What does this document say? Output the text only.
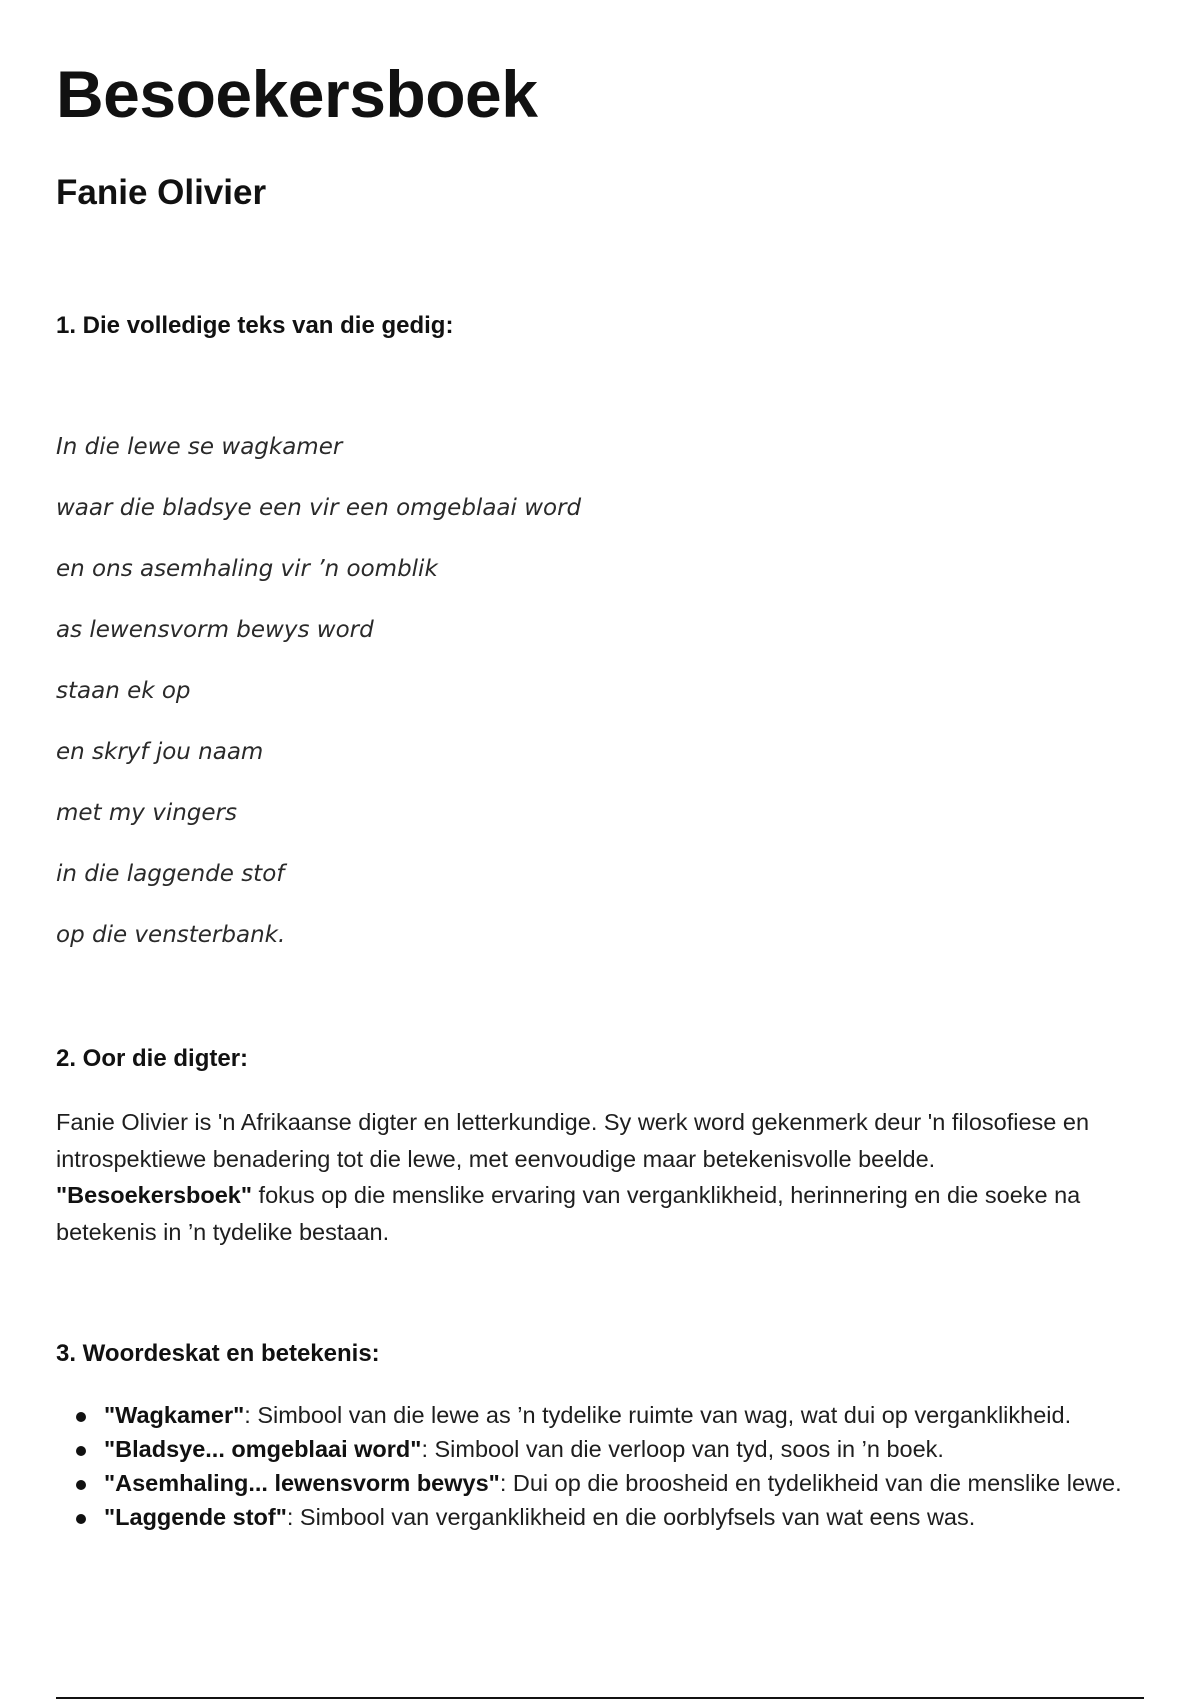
Besoekersboek
Fanie Olivier
1. Die volledige teks van die gedig:
In die lewe se wagkamer
waar die bladsye een vir een omgeblaai word
en ons asemhaling vir ’n oomblik
as lewensvorm bewys word
staan ek op
en skryf jou naam
met my vingers
in die laggende stof
op die vensterbank.
2. Oor die digter:

Fanie Olivier is 'n Afrikaanse digter en letterkundige. Sy werk word gekenmerk deur 'n filosofiese en introspektiewe benadering tot die lewe, met eenvoudige maar betekenisvolle beelde. "Besoekersboek" fokus op die menslike ervaring van verganklikheid, herinnering en die soeke na betekenis in ’n tydelike bestaan.

3. Woordeskat en betekenis:
"Wagkamer": Simbool van die lewe as ’n tydelike ruimte van wag, wat dui op verganklikheid.
"Bladsye... omgeblaai word": Simbool van die verloop van tyd, soos in ’n boek.
"Asemhaling... lewensvorm bewys": Dui op die broosheid en tydelikheid van die menslike lewe.
"Laggende stof": Simbool van verganklikheid en die oorblyfsels van wat eens was.
